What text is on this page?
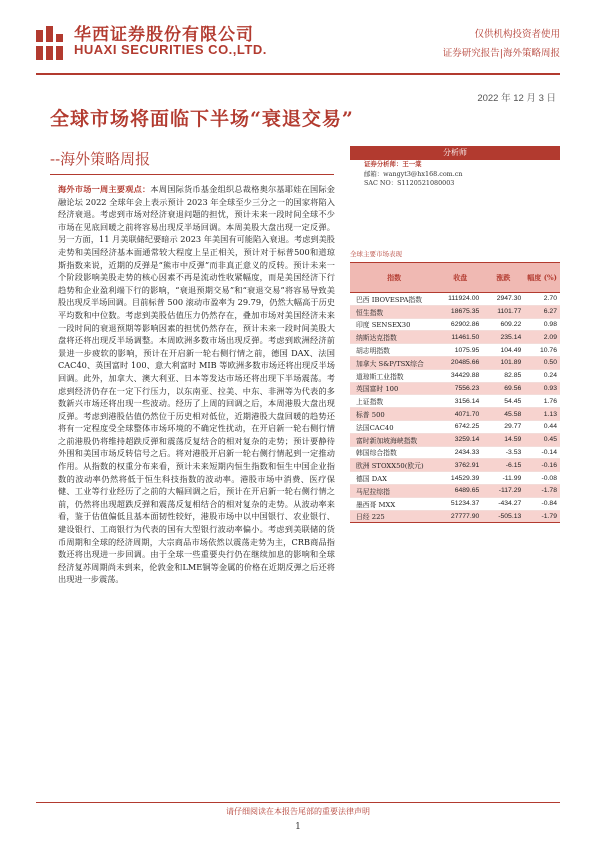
华西证券股份有限公司
HUAXI SECURITIES CO.,LTD.
仅供机构投资者使用
证券研究报告|海外策略周报
2022 年 12 月 3 日
全球市场将面临下半场“衰退交易”
--海外策略周报
海外市场一周主要观点：本周国际货币基金组织总裁格奥尔基耶娃在国际金融论坛 2022 全球年会上表示预计 2023 年全球至少三分之一的国家将陷入经济衰退。考虑到市场对经济衰退问题的担忧，预计未来一段时间全球不少市场在见底回暖之前将容易出现反半场回调。本周美股大盘出现一定反弹。另一方面，11 月美联储纪要暗示 2023 年美国有可能陷入衰退。考虑到美股走势和美国经济基本面通常较大程度上呈正相关，预计对于标普500和道琼斯指数来说，近期的反弹是“熊市中反弹”而非真正意义的反转。预计未来一个阶段影响美股走势的核心因素不再是流动性收紧幅度，而是美国经济下行趋势和企业盈利端下行的影响，“衰退预期交易”和“衰退交易”将容易导致美股出现反半场回调。目前标普 500 滚动市盈率为 29.79，仍然大幅高于历史平均数和中位数。考虑到美股估值压力仍然存在，叠加市场对美国经济未来一段时间的衰退预期等影响因素的担忧仍然存在，预计未来一段时间美股大盘将还将出现反半场调整。本周欧洲多数市场出现反弹。考虑到欧洲经济前景进一步疲软的影响，预计在开启新一轮右侧行情之前，德国 DAX、法国 CAC40、英国富时 100、意大利富时 MIB 等欧洲多数市场还将出现反半场回调。此外，加拿大、澳大利亚、日本等发达市场还将出现下半场震荡。考虑到经济仍存在一定下行压力，以东南亚、拉美、中东、非洲等为代表的多数新兴市场还将出现一些波动。经历了上周的回调之后，本周港股大盘出现反弹。考虑到港股估值仍然位于历史相对低位，近期港股大盘回暖的趋势还将有一定程度受全球整体市场环境的不确定性扰动，在开启新一轮右侧行情之前港股仍将维持超跌反弹和震荡反复结合的相对复杂的走势；预计要静待外围和美国市场反转信号之后。将对港股开启新一轮右侧行情起到一定推动作用。从指数的权重分布来看，预计未来短期内恒生指数和恒生中国企业指数的波动率仍然将低于恒生科技指数的波动率。港股市场中消费、医疗保健、工业等行业经历了之前的大幅回调之后，预计在开启新一轮右侧行情之前，仍然将出现超跌反弹和震荡反复相结合的相对复杂的走势。从波动率来看，鉴于估值偏低且基本面韧性较好，港股市场中以中国银行、农业银行、建设银行、工商银行为代表的国有大型银行波动率偏小。考虑到美联储的货币周期和全球的经济周期，大宗商品市场依然以震荡走势为主，CRB商品指数还将出现进一步回调。由于全球一些重要央行仍在继续加息的影响和全球经济复苏周期尚未到来，伦敦金和LME铜等金属的价格在近期反弹之后还将出现进一步震荡。
分析师
证券分析师：王一棠
邮箱：wangyt3@hx168.com.cn
SAC NO：S1120521080003
全球主要市场表现
指数	收盘	涨跌	幅度 (%)
巴西 IBOVESPA指数	111924.00	2947.30	2.70
恒生指数	18675.35	1101.77	6.27
印度 SENSEX30	62902.86	609.22	0.98
纳斯达克指数	11461.50	235.14	2.09
胡志明指数	1075.95	104.49	10.76
加拿大 S&P/TSX综合	20485.66	101.89	0.50
道琼斯工业指数	34429.88	82.85	0.24
英国富时 100	7556.23	69.56	0.93
上证指数	3156.14	54.45	1.76
标普 500	4071.70	45.58	1.13
法国CAC40	6742.25	29.77	0.44
富时新加坡海峡指数	3259.14	14.59	0.45
韩国综合指数	2434.33	-3.53	-0.14
欧洲 STOXX50(欧元)	3762.91	-6.15	-0.16
德国 DAX	14529.39	-11.99	-0.08
马尼拉综指	6489.65	-117.29	-1.78
墨西哥 MXX	51234.37	-434.27	-0.84
日经 225	27777.90	-505.13	-1.79
请仔细阅读在本报告尾部的重要法律声明
1
